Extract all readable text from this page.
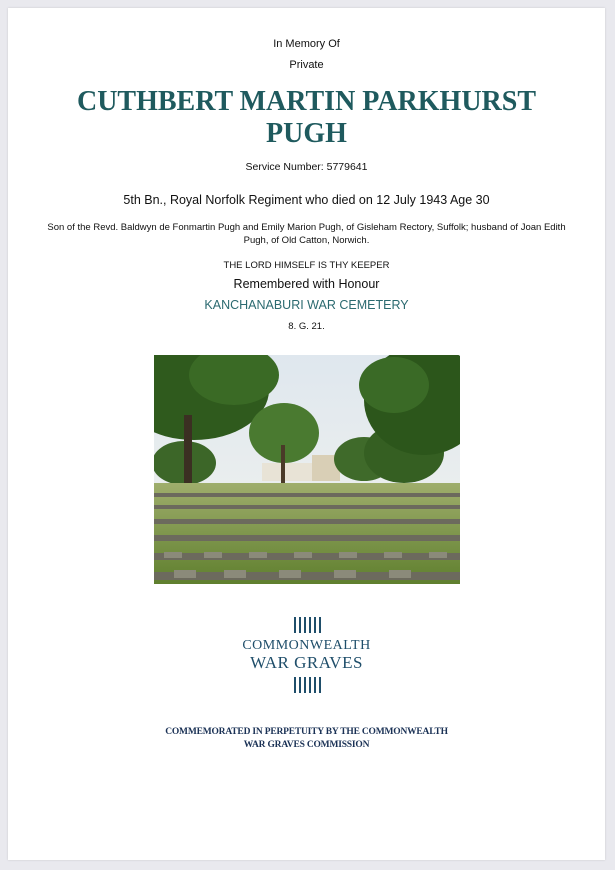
In Memory Of
Private
CUTHBERT MARTIN PARKHURST
PUGH
Service Number: 5779641
5th Bn., Royal Norfolk Regiment who died on 12 July 1943 Age 30
Son of the Revd. Baldwyn de Fonmartin Pugh and Emily Marion Pugh, of Gisleham Rectory, Suffolk; husband of Joan Edith
Pugh, of Old Catton, Norwich.
THE LORD HIMSELF IS THY KEEPER
Remembered with Honour
KANCHANABURI WAR CEMETERY
8. G. 21.
COMMONWEALTH
WAR GRAVES
COMMEMORATED IN PERPETUITY BY THE COMMONWEALTH
WAR GRAVES COMMISSION
